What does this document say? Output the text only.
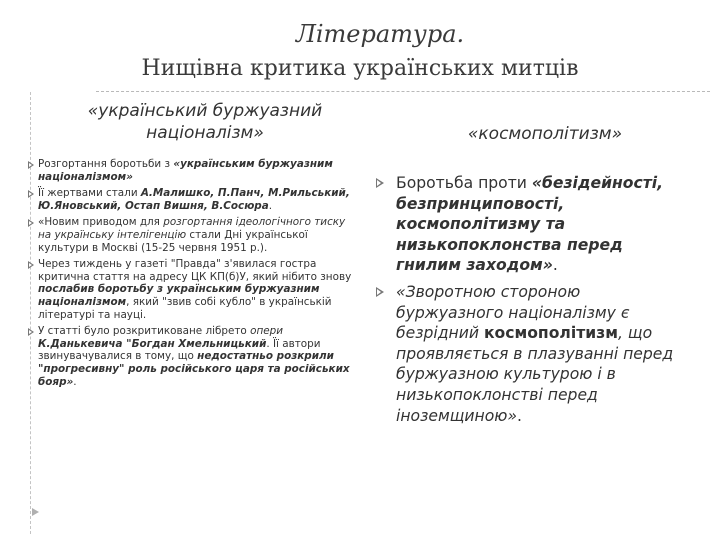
Література.
Нищівна критика українських митців
«український буржуазний націоналізм»	«космополітизм»
Розгортання боротьби з «українським буржуазним націоналізмом»
Її жертвами стали А.Малишко, П.Панч, М.Рильський, Ю.Яновський, Остап Вишня, В.Сосюра.
«Новим приводом для розгортання ідеологічного тиску на українську інтелігенцію стали Дні української культури в Москві (15-25 червня 1951 р.).
Через тиждень у газеті "Правда" з'явилася гостра критична стаття на адресу ЦК КП(б)У, який нібито знову послабив боротьбу з українським буржуазним націоналізмом, який "звив собі кубло" в українській літературі та науці.
У статті було розкритиковане лібрето опери К.Данькевича "Богдан Хмельницький. Її автори звинувачувалися в тому, що недостатньо розкрили "прогресивну" роль російського царя та російських бояр».
Боротьба проти «безідейності, безпринциповості, космополітизму та низькопоклонства перед гнилим заходом».
«Зворотною стороною буржуазного націоналізму є безрідний космополітизм, що проявляється в плазуванні перед буржуазною культурою і в низькопоклонстві перед іноземщиною».
